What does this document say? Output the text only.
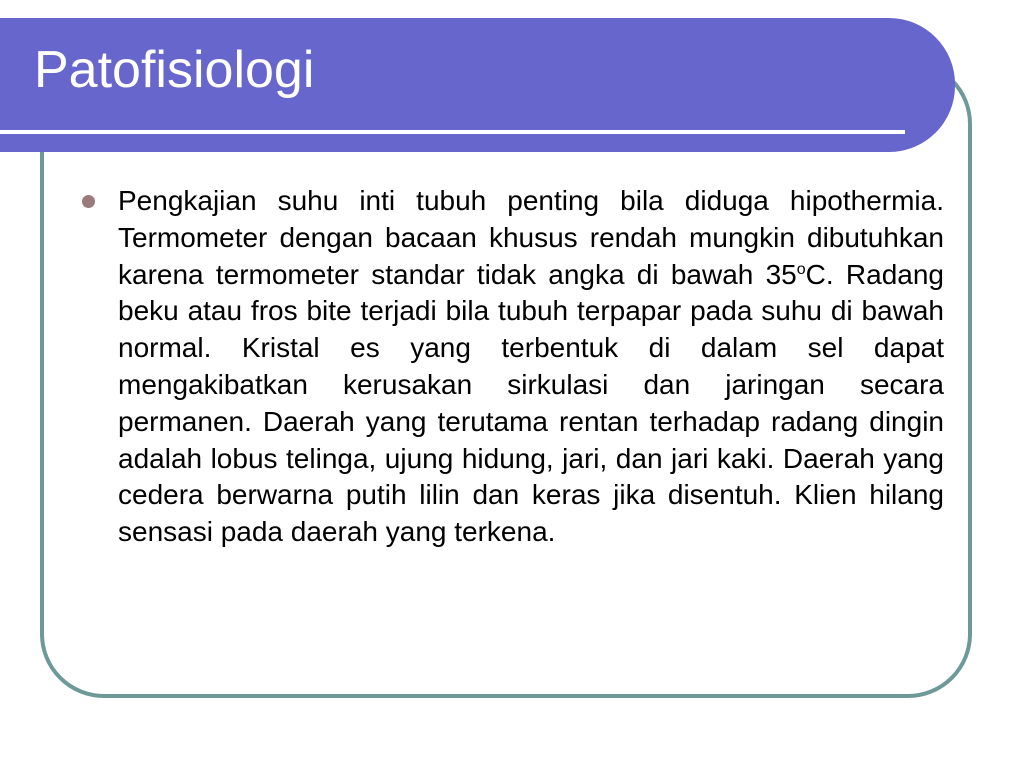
Patofisiologi

Pengkajian suhu inti tubuh penting bila diduga hipothermia. Termometer dengan bacaan khusus rendah mungkin dibutuhkan karena termometer standar tidak angka di bawah 35$^o$C. Radang beku atau fros bite terjadi bila tubuh terpapar pada suhu di bawah normal. Kristal es yang terbentuk di dalam sel dapat mengakibatkan kerusakan sirkulasi dan jaringan secara permanen. Daerah yang terutama rentan terhadap radang dingin adalah lobus telinga, ujung hidung, jari, dan jari kaki. Daerah yang cedera berwarna putih lilin dan keras jika disentuh. Klien hilang sensasi pada daerah yang terkena.
